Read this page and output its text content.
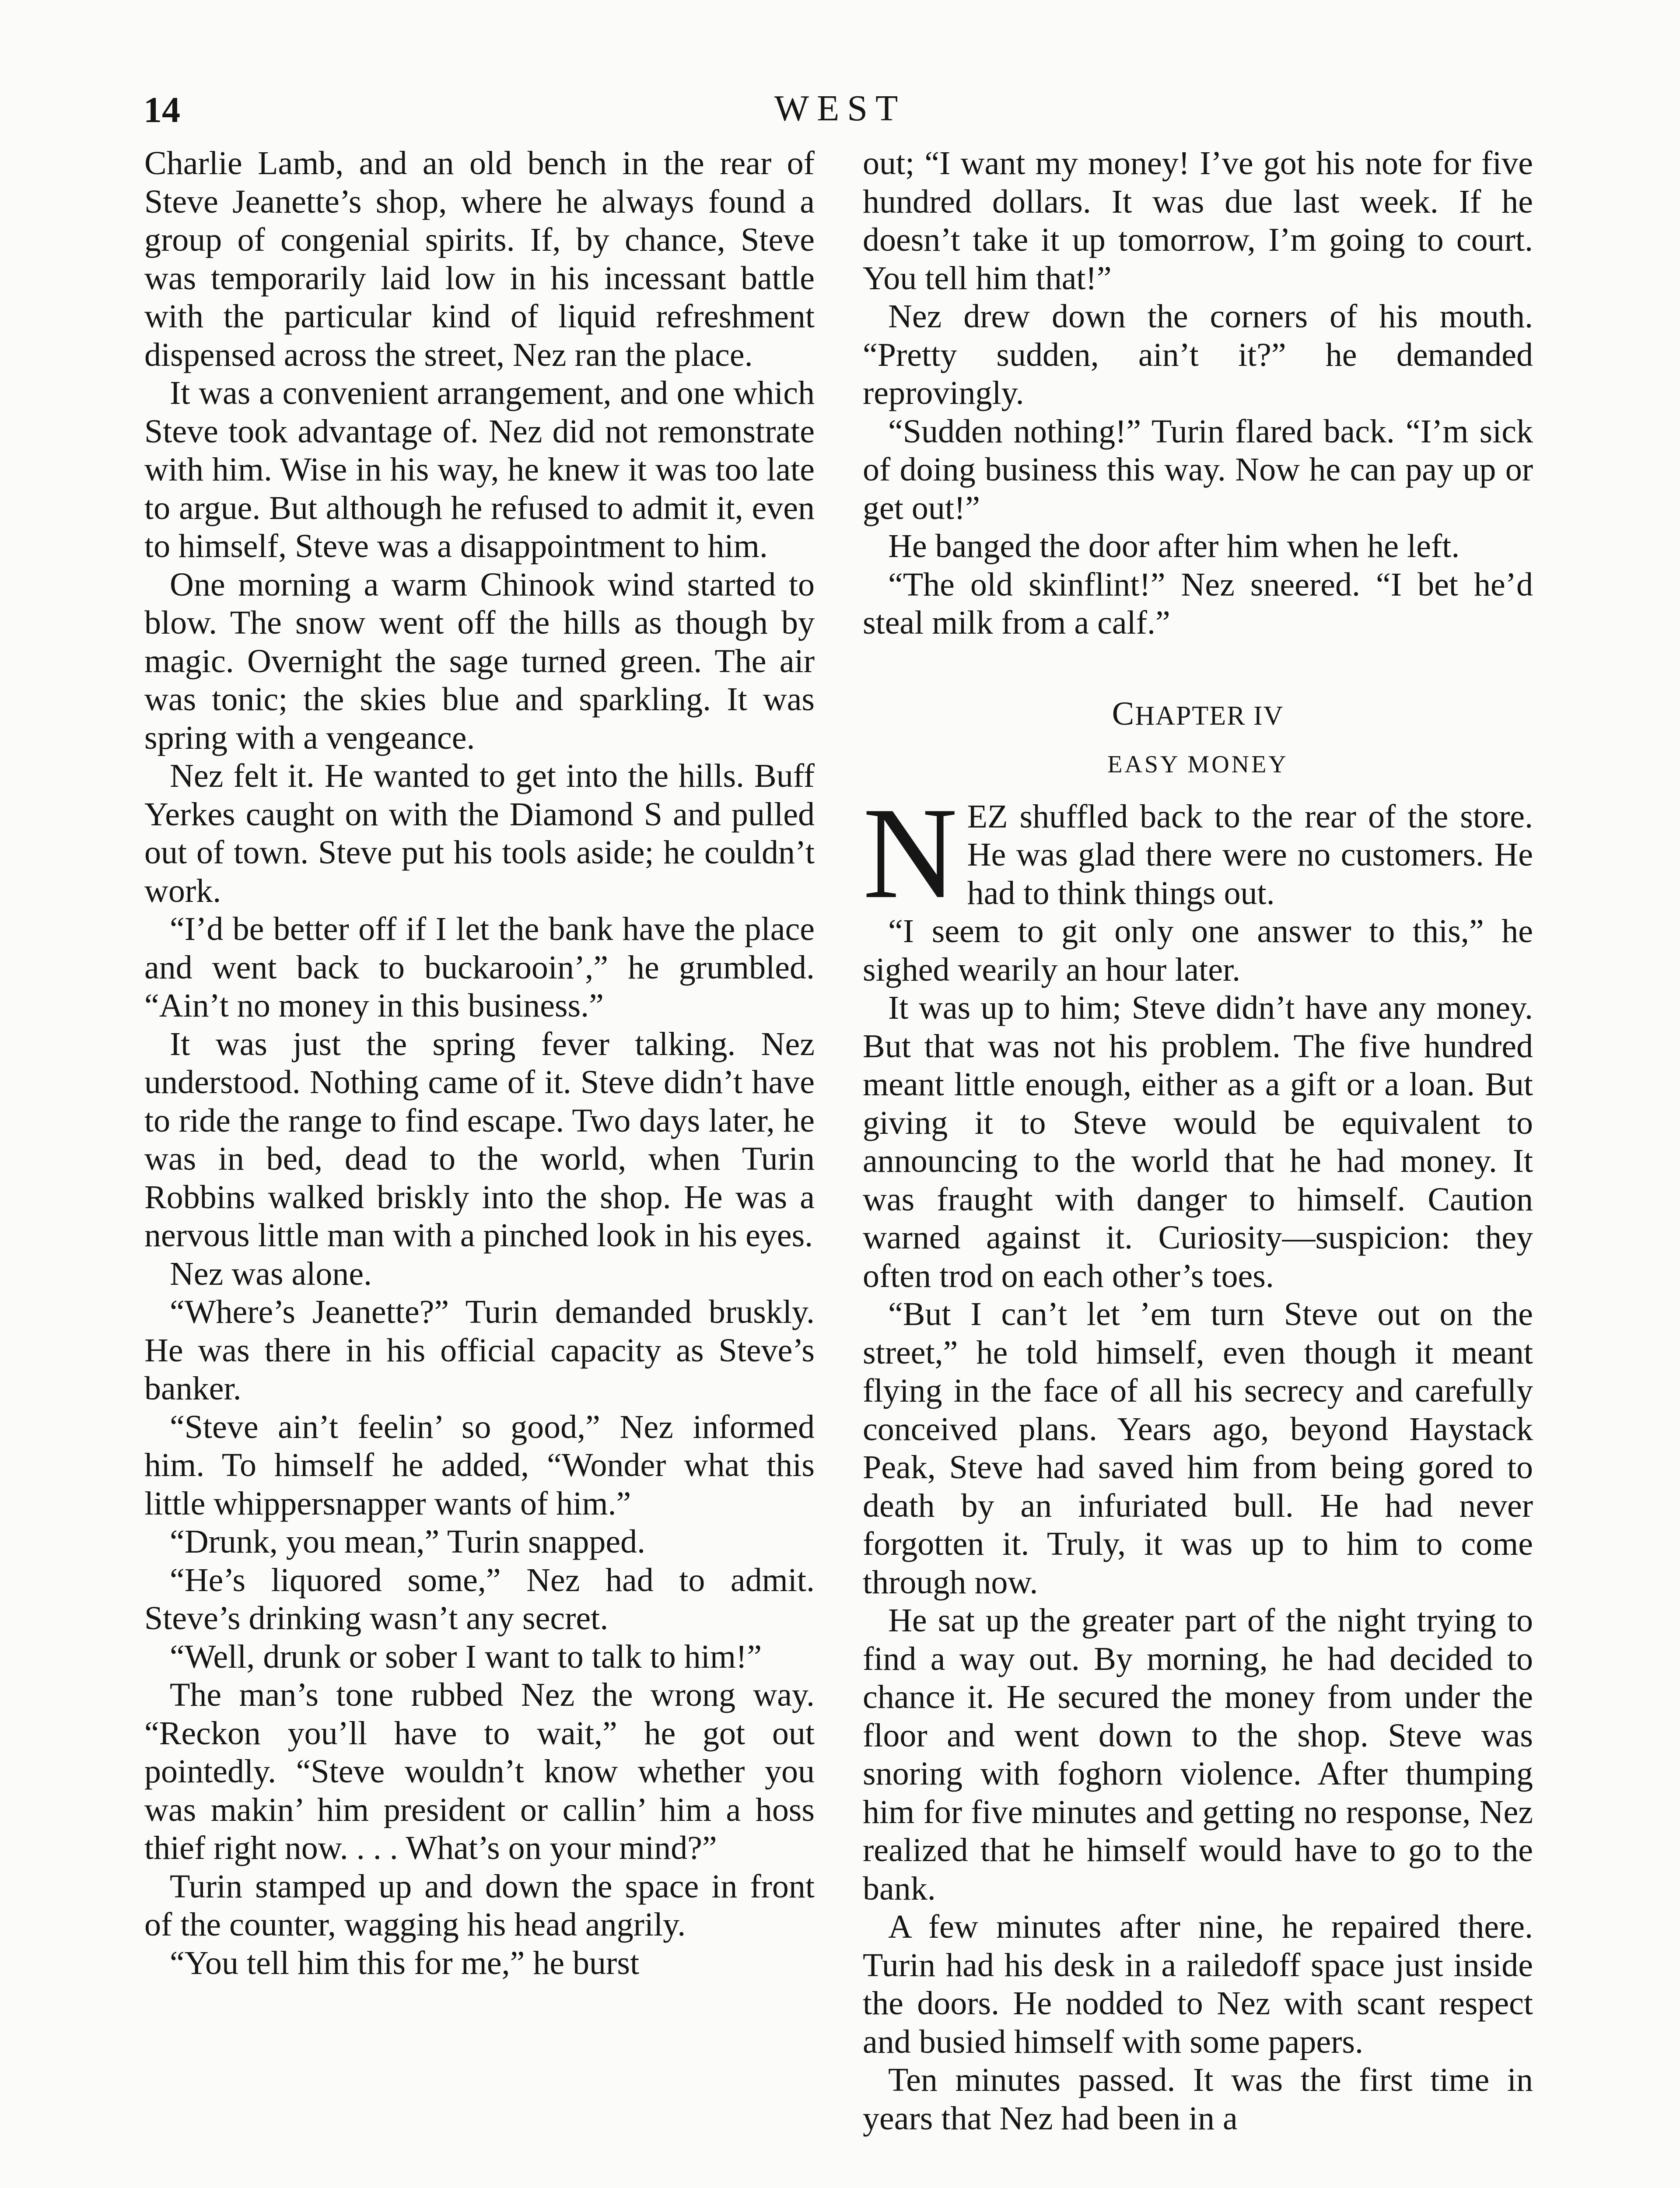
14	WEST

Charlie Lamb, and an old bench in the rear of Steve Jeanette’s shop, where he always found a group of congenial spirits. If, by chance, Steve was temporarily laid low in his incessant battle with the particular kind of liquid refreshment dispensed across the street, Nez ran the place.

It was a convenient arrangement, and one which Steve took advantage of. Nez did not remonstrate with him. Wise in his way, he knew it was too late to argue. But although he refused to admit it, even to himself, Steve was a disappointment to him.

One morning a warm Chinook wind started to blow. The snow went off the hills as though by magic. Overnight the sage turned green. The air was tonic; the skies blue and sparkling. It was spring with a vengeance.

Nez felt it. He wanted to get into the hills. Buff Yerkes caught on with the Diamond S and pulled out of town. Steve put his tools aside; he couldn’t work.

“I’d be better off if I let the bank have the place and went back to buckarooin’,” he grumbled. “Ain’t no money in this business.”

It was just the spring fever talking. Nez understood. Nothing came of it. Steve didn’t have to ride the range to find escape. Two days later, he was in bed, dead to the world, when Turin Robbins walked briskly into the shop. He was a nervous little man with a pinched look in his eyes.

Nez was alone.

“Where’s Jeanette?” Turin demanded bruskly. He was there in his official capacity as Steve’s banker.

“Steve ain’t feelin’ so good,” Nez informed him. To himself he added, “Wonder what this little whippersnapper wants of him.”

“Drunk, you mean,” Turin snapped.

“He’s liquored some,” Nez had to admit. Steve’s drinking wasn’t any secret.

“Well, drunk or sober I want to talk to him!”

The man’s tone rubbed Nez the wrong way. “Reckon you’ll have to wait,” he got out pointedly. “Steve wouldn’t know whether you was makin’ him president or callin’ him a hoss thief right now. . . . What’s on your mind?”

Turin stamped up and down the space in front of the counter, wagging his head angrily.

“You tell him this for me,” he burst

out; “I want my money! I’ve got his note for five hundred dollars. It was due last week. If he doesn’t take it up tomorrow, I’m going to court. You tell him that!”

Nez drew down the corners of his mouth. “Pretty sudden, ain’t it?” he demanded reprovingly.

“Sudden nothing!” Turin flared back. “I’m sick of doing business this way. Now he can pay up or get out!”

He banged the door after him when he left.

“The old skinflint!” Nez sneered. “I bet he’d steal milk from a calf.”

CHAPTER IV
EASY MONEY

NEZ shuffled back to the rear of the store. He was glad there were no customers. He had to think things out.

“I seem to git only one answer to this,” he sighed wearily an hour later.

It was up to him; Steve didn’t have any money. But that was not his problem. The five hundred meant little enough, either as a gift or a loan. But giving it to Steve would be equivalent to announcing to the world that he had money. It was fraught with danger to himself. Caution warned against it. Curiosity—suspicion: they often trod on each other’s toes.

“But I can’t let ’em turn Steve out on the street,” he told himself, even though it meant flying in the face of all his secrecy and carefully conceived plans. Years ago, beyond Haystack Peak, Steve had saved him from being gored to death by an infuriated bull. He had never forgotten it. Truly, it was up to him to come through now.

He sat up the greater part of the night trying to find a way out. By morning, he had decided to chance it. He secured the money from under the floor and went down to the shop. Steve was snoring with foghorn violence. After thumping him for five minutes and getting no response, Nez realized that he himself would have to go to the bank.

A few minutes after nine, he repaired there. Turin had his desk in a railedoff space just inside the doors. He nodded to Nez with scant respect and busied himself with some papers.

Ten minutes passed. It was the first time in years that Nez had been in a
